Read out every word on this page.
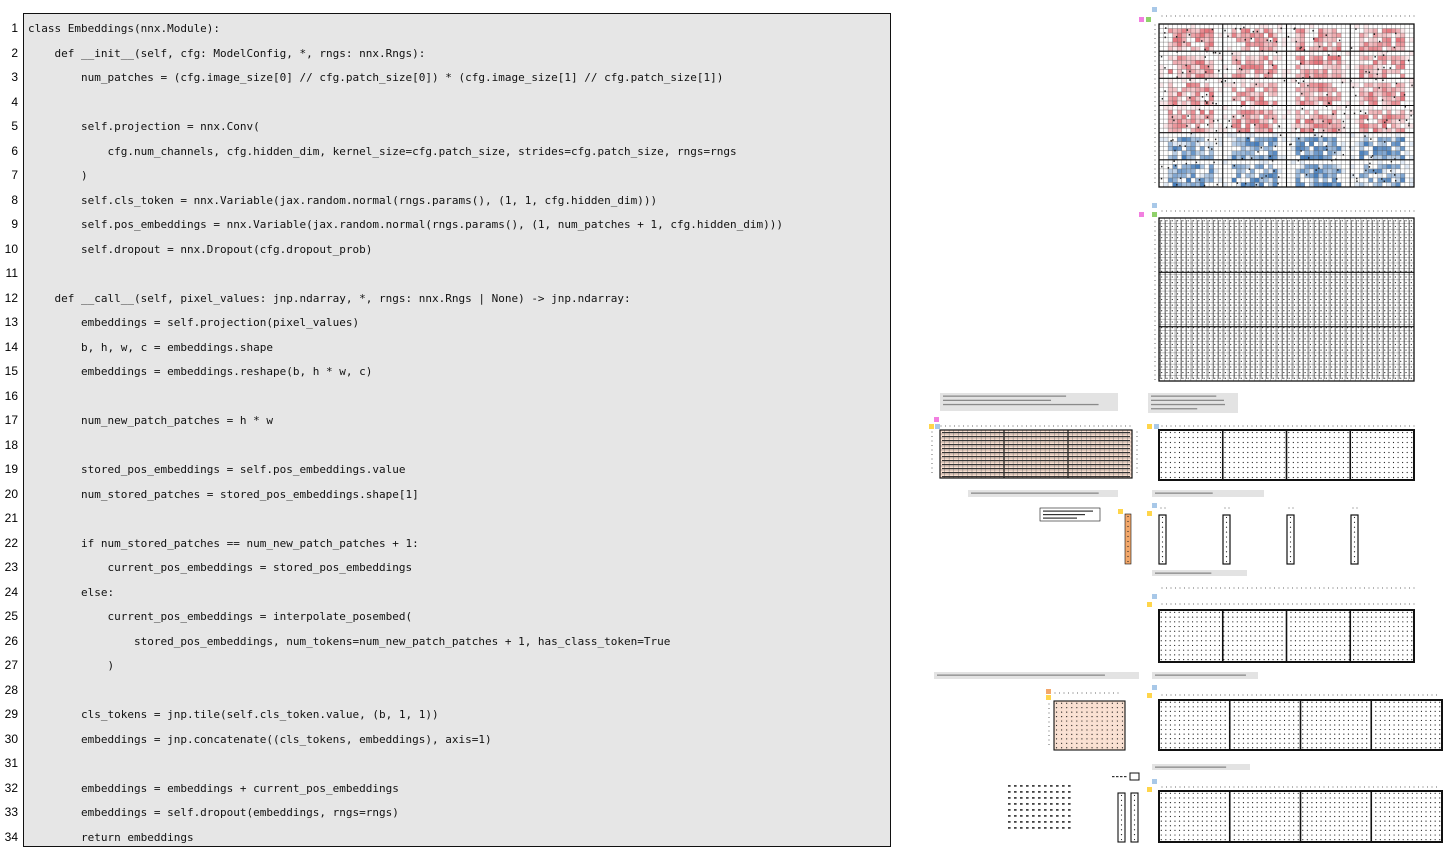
1
2
3
4
5
6
7
8
9
10
11
12
13
14
15
16
17
18
19
20
21
22
23
24
25
26
27
28
29
30
31
32
33
34
class Embeddings(nnx.Module):
def __init__(self, cfg: ModelConfig, *, rngs: nnx.Rngs):
num_patches = (cfg.image_size[0] // cfg.patch_size[0]) * (cfg.image_size[1] // cfg.patch_size[1])
self.projection = nnx.Conv(
cfg.num_channels, cfg.hidden_dim, kernel_size=cfg.patch_size, strides=cfg.patch_size, rngs=rngs
)
self.cls_token = nnx.Variable(jax.random.normal(rngs.params(), (1, 1, cfg.hidden_dim)))
self.pos_embeddings = nnx.Variable(jax.random.normal(rngs.params(), (1, num_patches + 1, cfg.hidden_dim)))
self.dropout = nnx.Dropout(cfg.dropout_prob)
def __call__(self, pixel_values: jnp.ndarray, *, rngs: nnx.Rngs | None) -> jnp.ndarray:
embeddings = self.projection(pixel_values)
b, h, w, c = embeddings.shape
embeddings = embeddings.reshape(b, h * w, c)
num_new_patch_patches = h * w
stored_pos_embeddings = self.pos_embeddings.value
num_stored_patches = stored_pos_embeddings.shape[1]
if num_stored_patches == num_new_patch_patches + 1:
current_pos_embeddings = stored_pos_embeddings
else:
current_pos_embeddings = interpolate_posembed(
stored_pos_embeddings, num_tokens=num_new_patch_patches + 1, has_class_token=True
)
cls_tokens = jnp.tile(self.cls_token.value, (b, 1, 1))
embeddings = jnp.concatenate((cls_tokens, embeddings), axis=1)
embeddings = embeddings + current_pos_embeddings
embeddings = self.dropout(embeddings, rngs=rngs)
return embeddings
